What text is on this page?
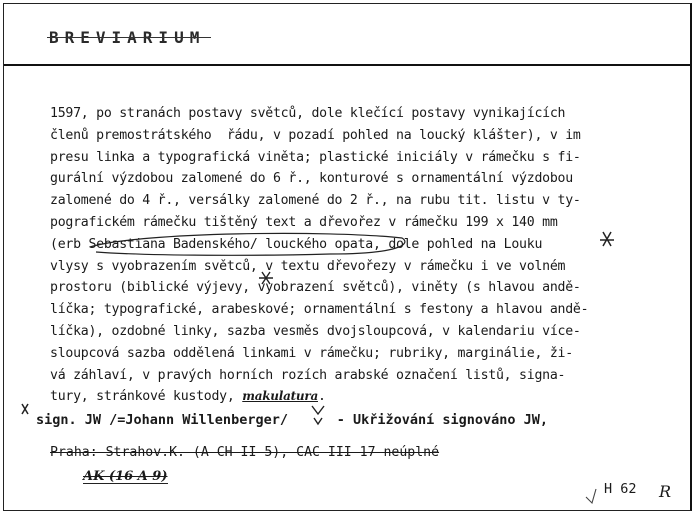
BREVIARIUM
1597, po stranách postavy světců, dole klečící postavy vynikajících
členů premostrátského  řádu, v pozadí pohled na loucký klášter), v im
presu linka a typografická viněta; plastické iniciály v rámečku s fi-
gurální výzdobou zalomené do 6 ř., konturové s ornamentální výzdobou
zalomené do 4 ř., versálky zalomené do 2 ř., na rubu tit. listu v ty-
pografickém rámečku tištěný text a dřevořez v rámečku 199 x 140 mm
(erb Sebastiana Badenského/ louckého opata, dole pohled na Louku
vlysy s vyobrazením světců, v textu dřevořezy v rámečku i ve volném
prostoru (biblické výjevy, vyobrazení světců), viněty (s hlavou andě-
líčka; typografické, arabeskové; ornamentální s festony a hlavou andě-
líčka), ozdobné linky, sazba vesměs dvojsloupcová, v kalendariu více-
sloupcová sazba oddělená linkami v rámečku; rubriky, marginálie, ži-
vá záhlaví, v pravých horních rozích arabské označení listů, signa-
tury, stránkové kustody, makulatura.
sign. JW /=Johann Willenberger/      - Ukřižování signováno JW,
Praha: Strahov.K. (A CH II 5), CAC III 17 neúplné
AK (16 A 9)
H 62 R
